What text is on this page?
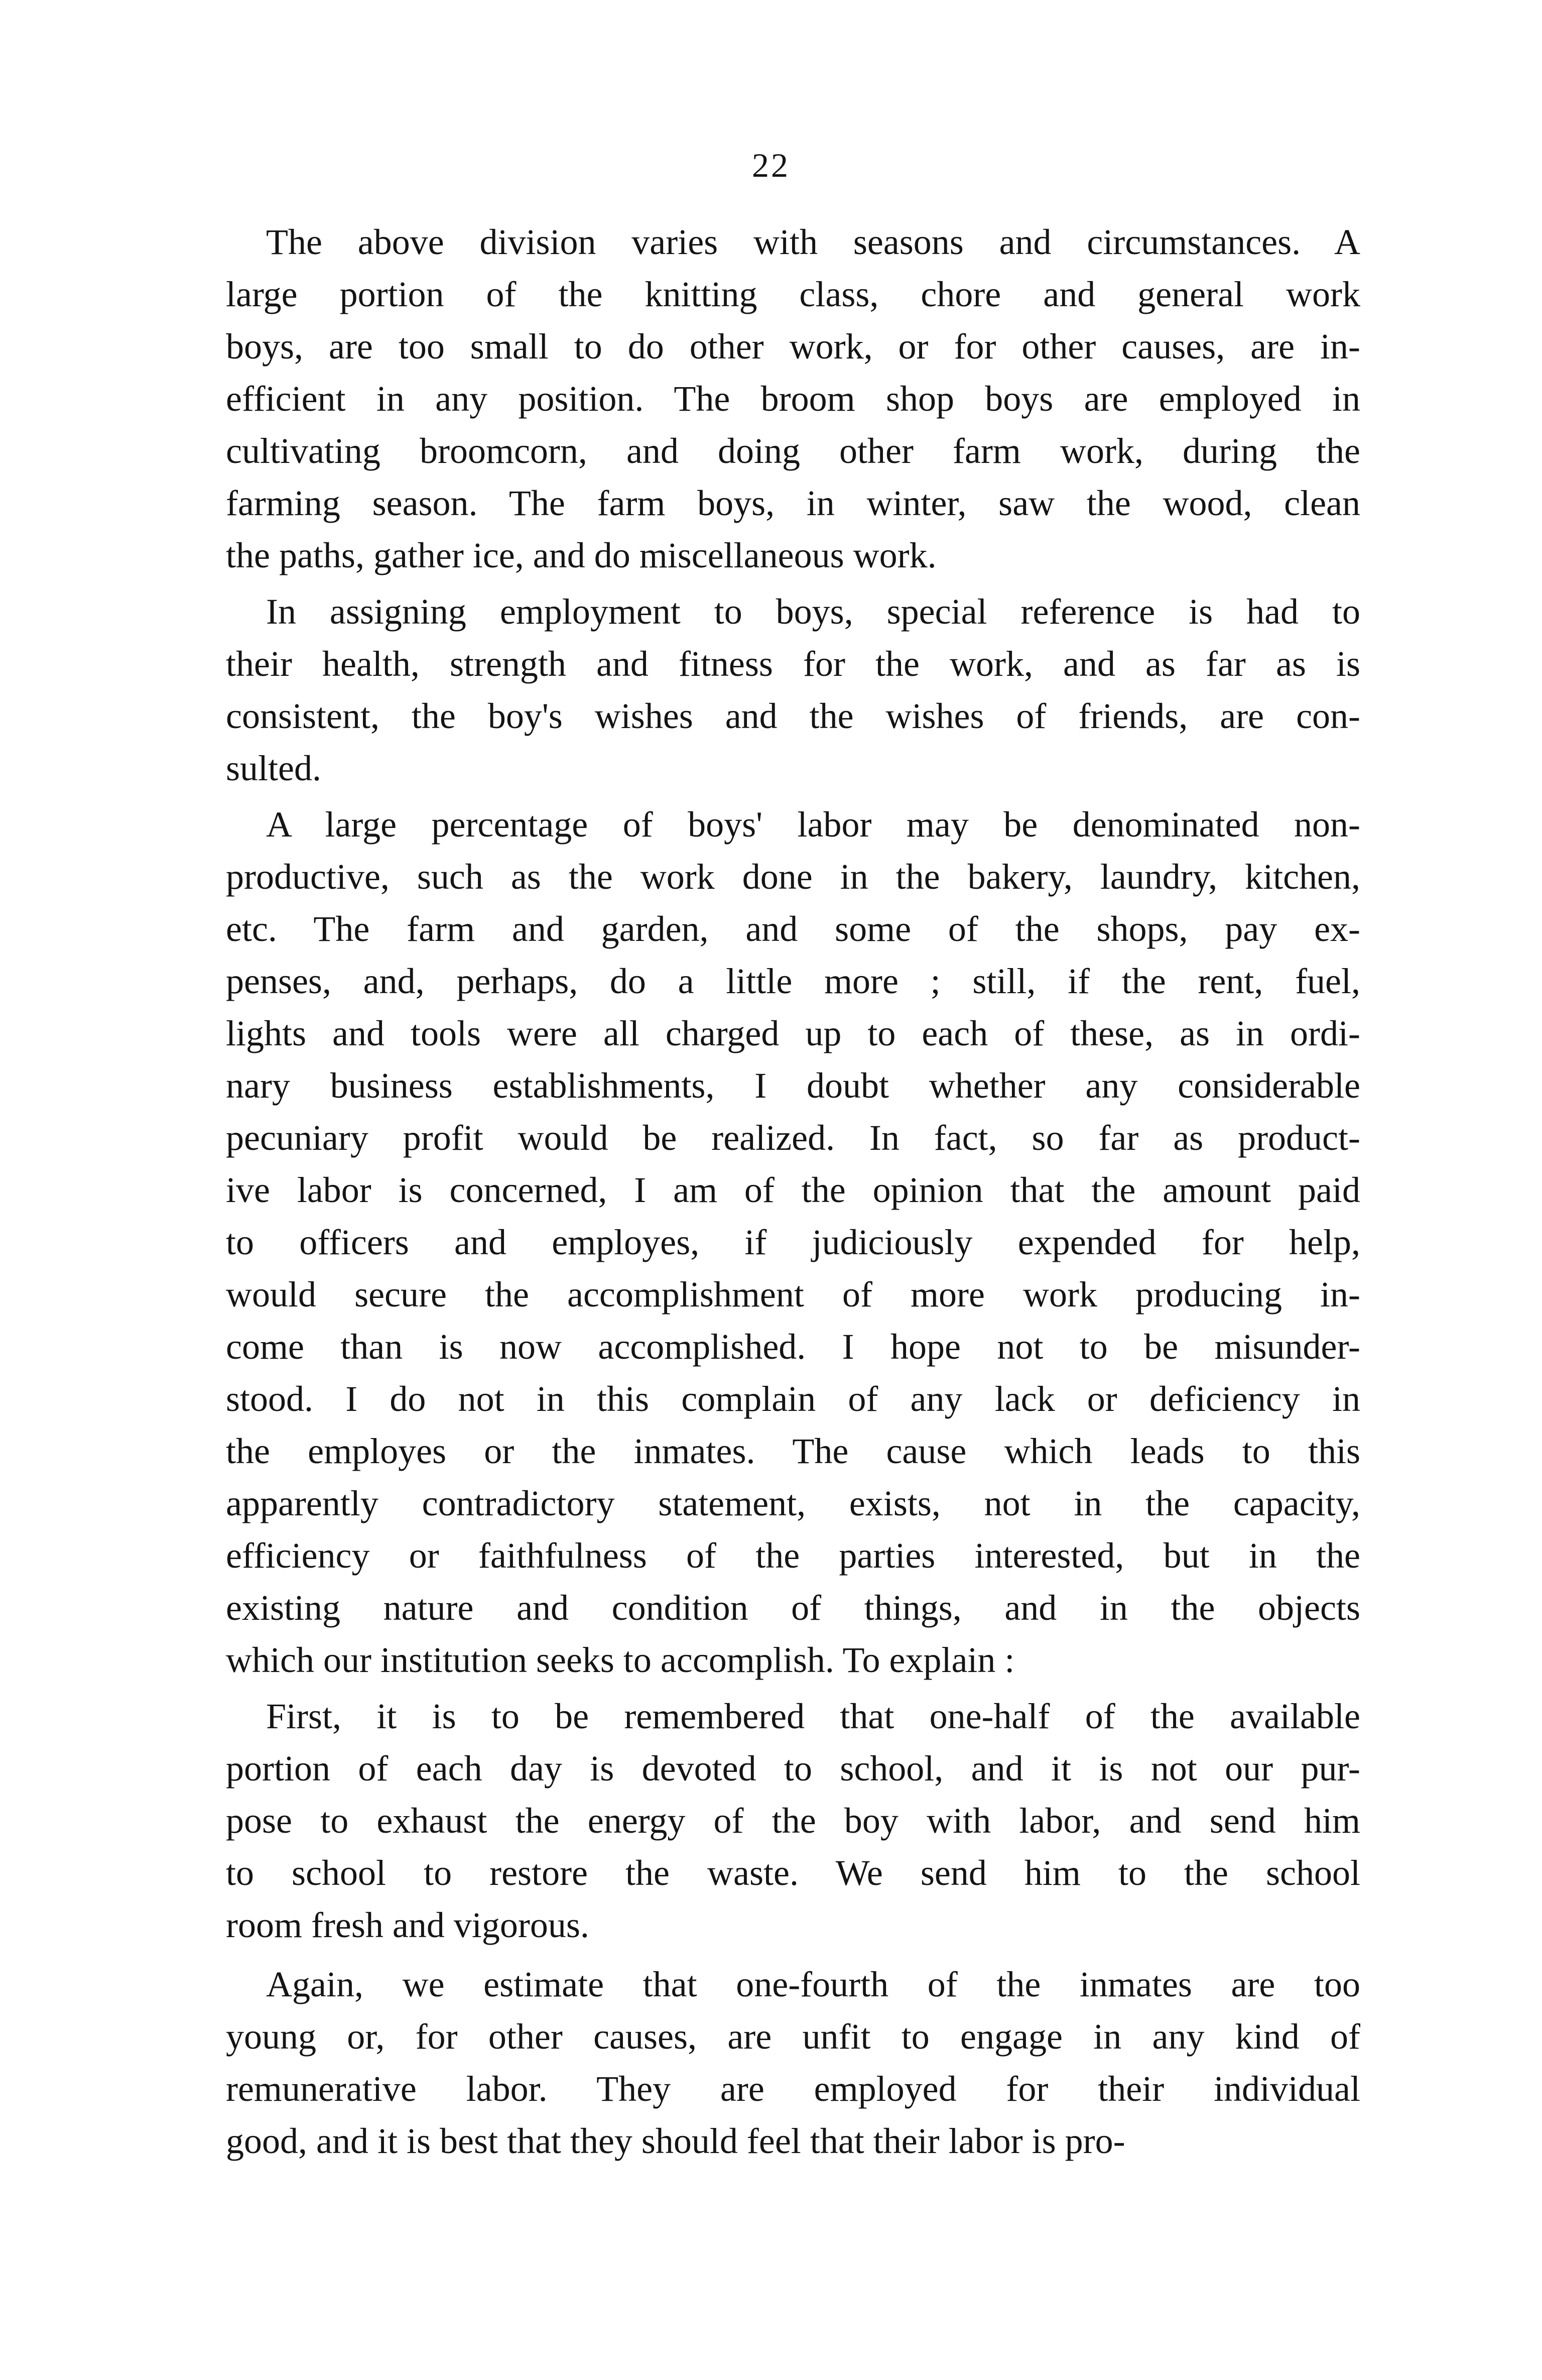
22
The above division varies with seasons and circumstances. A
large portion of the knitting class, chore and general work
boys, are too small to do other work, or for other causes, are in-
efficient in any position. The broom shop boys are employed in
cultivating broomcorn, and doing other farm work, during the
farming season. The farm boys, in winter, saw the wood, clean
the paths, gather ice, and do miscellaneous work.
In assigning employment to boys, special reference is had to
their health, strength and fitness for the work, and as far as is
consistent, the boy's wishes and the wishes of friends, are con-
sulted.
A large percentage of boys' labor may be denominated non-
productive, such as the work done in the bakery, laundry, kitchen,
etc. The farm and garden, and some of the shops, pay ex-
penses, and, perhaps, do a little more ; still, if the rent, fuel,
lights and tools were all charged up to each of these, as in ordi-
nary business establishments, I doubt whether any considerable
pecuniary profit would be realized. In fact, so far as product-
ive labor is concerned, I am of the opinion that the amount paid
to officers and employes, if judiciously expended for help,
would secure the accomplishment of more work producing in-
come than is now accomplished. I hope not to be misunder-
stood. I do not in this complain of any lack or deficiency in
the employes or the inmates. The cause which leads to this
apparently contradictory statement, exists, not in the capacity,
efficiency or faithfulness of the parties interested, but in the
existing nature and condition of things, and in the objects
which our institution seeks to accomplish. To explain :
First, it is to be remembered that one-half of the available
portion of each day is devoted to school, and it is not our pur-
pose to exhaust the energy of the boy with labor, and send him
to school to restore the waste. We send him to the school
room fresh and vigorous.
Again, we estimate that one-fourth of the inmates are too
young or, for other causes, are unfit to engage in any kind of
remunerative labor. They are employed for their individual
good, and it is best that they should feel that their labor is pro-
